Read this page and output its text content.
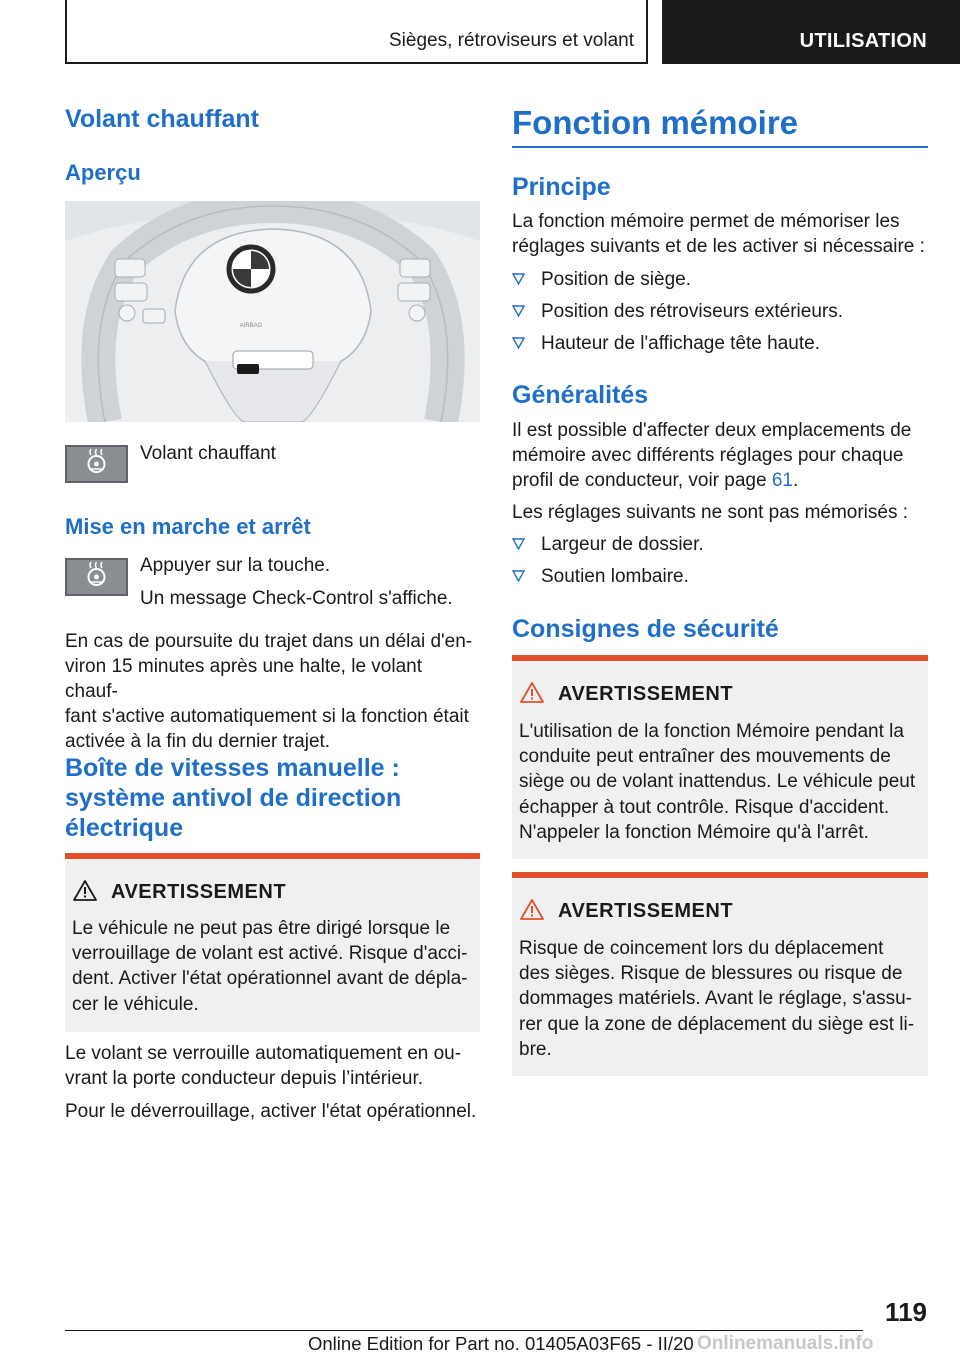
Sièges, rétroviseurs et volant	UTILISATION
Volant chauffant
Aperçu
AIRBAG

Volant chauffant

Mise en marche et arrêt

Appuyer sur la touche.

Un message Check-Control s'affiche.

En cas de poursuite du trajet dans un délai d'en-
viron 15 minutes après une halte, le volant chauf-
fant s'active automatiquement si la fonction était
activée à la fin du dernier trajet.
Boîte de vitesses manuelle :
système antivol de direction
électrique
AVERTISSEMENT
Le véhicule ne peut pas être dirigé lorsque le
verrouillage de volant est activé. Risque d'acci-
dent. Activer l'état opérationnel avant de dépla-
cer le véhicule.
Le volant se verrouille automatiquement en ou-
vrant la porte conducteur depuis l’intérieur.

Pour le déverrouillage, activer l'état opérationnel.

Fonction mémoire
Principe
La fonction mémoire permet de mémoriser les
réglages suivants et de les activer si nécessaire :
Position de siège.
Position des rétroviseurs extérieurs.
Hauteur de l'affichage tête haute.
Généralités
Il est possible d'affecter deux emplacements de
mémoire avec différents réglages pour chaque
profil de conducteur, voir page 61.

Les réglages suivants ne sont pas mémorisés :

Largeur de dossier.
Soutien lombaire.
Consignes de sécurité
AVERTISSEMENT
L'utilisation de la fonction Mémoire pendant la
conduite peut entraîner des mouvements de
siège ou de volant inattendus. Le véhicule peut
échapper à tout contrôle. Risque d'accident.
N'appeler la fonction Mémoire qu'à l'arrêt.
AVERTISSEMENT
Risque de coincement lors du déplacement
des sièges. Risque de blessures ou risque de
dommages matériels. Avant le réglage, s'assu-
rer que la zone de déplacement du siège est li-
bre.
119
Online Edition for Part no. 01405A03F65 - II/20 Onlinemanuals.info
